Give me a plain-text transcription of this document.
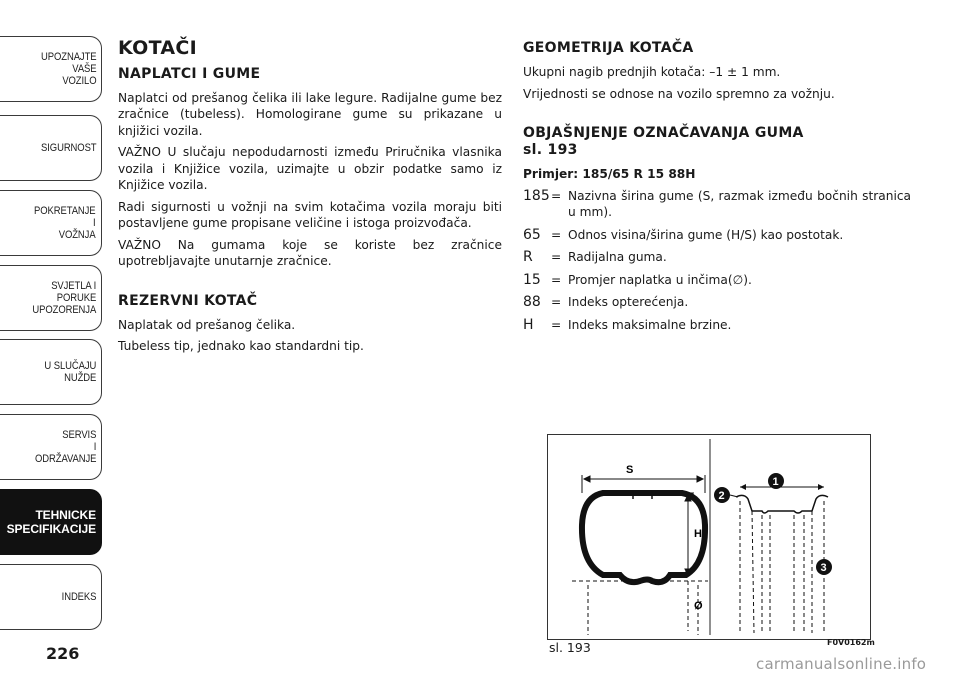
UPOZNAJTE
VAŠE
VOZILO
SIGURNOST
POKRETANJE
I
VOŽNJA
SVJETLA I
PORUKE
UPOZORENJA
U SLUČAJU
NUŽDE
SERVIS
I
ODRŽAVANJE
TEHNICKE
SPECIFIKACIJE
INDEKS
226
KOTAČI
NAPLATCI I GUME

Naplatci od prešanog čelika ili lake legure. Radijalne gume bez zračnice (tubeless). Homologirane gume su prikazane u knjižici vozila.

VAŽNO U slučaju nepodudarnosti između Priručnika vlasnika vozila i Knjižice vozila, uzimajte u obzir podatke samo iz Knjižice vozila.

Radi sigurnosti u vožnji na svim kotačima vozila moraju biti postavljene gume propisane veličine i istoga proizvođača.

VAŽNO Na gumama koje se koriste bez zračnice upotrebljavajte unutarnje zračnice.

REZERVNI KOTAČ

Naplatak od prešanog čelika.

Tubeless tip, jednako kao standardni tip.

GEOMETRIJA KOTAČA

Ukupni nagib prednjih kotača: –1 ± 1 mm.

Vrijednosti se odnose na vozilo spremno za vožnju.

OBJAŠNJENJE OZNAČAVANJA GUMA
sl. 193
Primjer: 185/65 R 15 88H
185 = Nazivna širina gume (S, razmak između bočnih stranica u mm).
65 = Odnos visina/širina gume (H/S) kao postotak.
R	= Radijalna guma.
15 = Promjer naplatka u inčima(∅).
88 = Indeks opterećenja.
H	= Indeks maksimalne brzine.
S
H
Ø
1
2
3
sl. 193	F0V0162m
carmanualsonline.info
